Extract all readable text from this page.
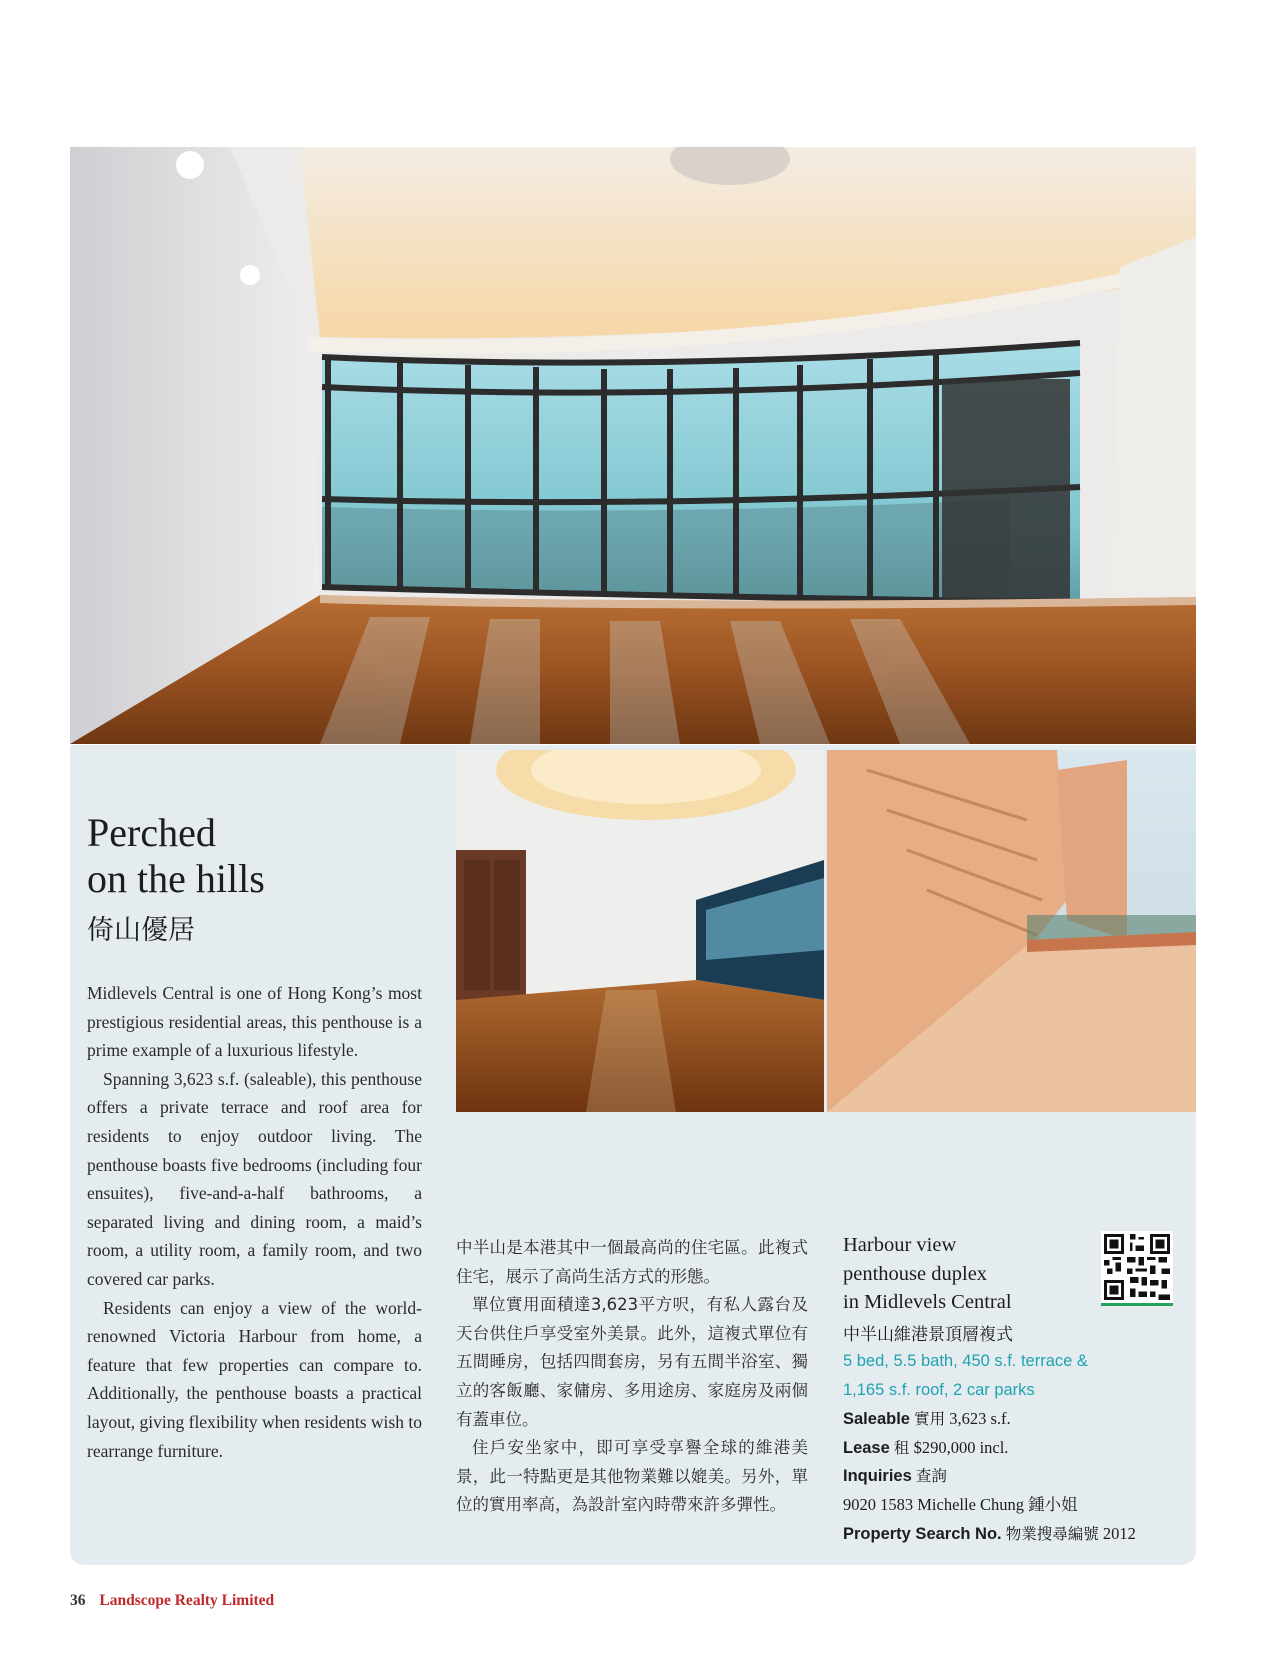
Perched
on the hills
倚山優居

Midlevels Central is one of Hong Kong’s most prestigious residential areas, this penthouse is a prime example of a luxurious lifestyle.

Spanning 3,623 s.f. (saleable), this penthouse offers a private terrace and roof area for residents to enjoy outdoor living. The penthouse boasts five bedrooms (including four ensuites), five-and-a-half bathrooms, a separated living and dining room, a maid’s room, a utility room, a family room, and two covered car parks.

Residents can enjoy a view of the world-renowned Victoria Harbour from home, a feature that few properties can compare to. Additionally, the penthouse boasts a practical layout, giving flexibility when residents wish to rearrange furniture.

中半山是本港其中一個最高尚的住宅區。此複式住宅，展示了高尚生活方式的形態。

單位實用面積達3,623平方呎，有私人露台及天台供住戶享受室外美景。此外，這複式單位有五間睡房，包括四間套房，另有五間半浴室、獨立的客飯廳、家傭房、多用途房、家庭房及兩個有蓋車位。

住戶安坐家中，即可享受享譽全球的維港美景，此一特點更是其他物業難以媲美。另外，單位的實用率高，為設計室內時帶來許多彈性。

Harbour view
penthouse duplex
in Midlevels Central
中半山維港景頂層複式
5 bed, 5.5 bath, 450 s.f. terrace &
1,165 s.f. roof, 2 car parks
Saleable 實用 3,623 s.f.
Lease 租 $290,000 incl.
Inquiries 查詢
9020 1583 Michelle Chung 鍾小姐
Property Search No. 物業搜尋編號 2012
36 Landscope Realty Limited
